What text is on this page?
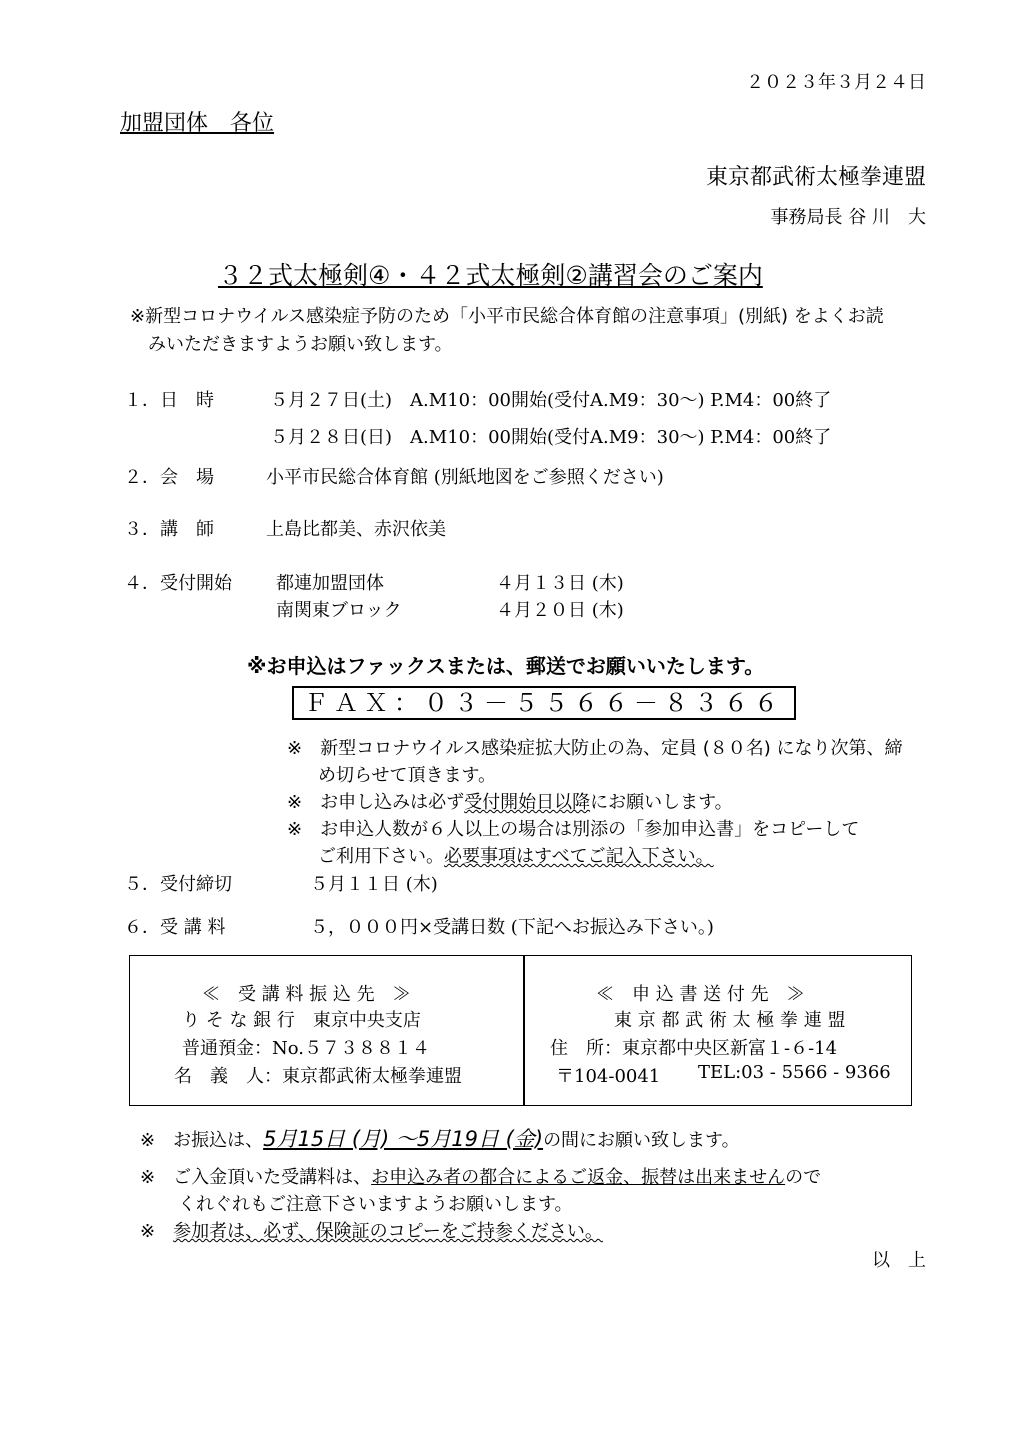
２０２３年３月２４日
加盟団体　各位
東京都武術太極拳連盟
事務局長 谷 川　大
３２式太極剣④・４２式太極剣②講習会のご案内
※新型コロナウイルス感染症予防のため「小平市民総合体育館の注意事項」(別紙) をよくお読
みいただきますようお願い致します。
１．日　時	５月２７日(土)　A.M10：00開始(受付A.M9：30～) P.M4：00終了
５月２８日(日)　A.M10：00開始(受付A.M9：30～) P.M4：00終了
２．会　場	小平市民総合体育館 (別紙地図をご参照ください)
３．講　師	上島比都美、赤沢依美
４．受付開始 都連加盟団体	４月１３日 (木)
南関東ブロック	４月２０日 (木)
※お申込はファックスまたは、郵送でお願いいたします。
ＦＡＸ：０３－５５６６－８３６６
※　新型コロナウイルス感染症拡大防止の為、定員 (８０名) になり次第、締
め切らせて頂きます。
※　お申し込みは必ず受付開始日以降にお願いします。
※　お申込人数が６人以上の場合は別添の「参加申込書」をコピーして
ご利用下さい。必要事項はすべてご記入下さい。
５．受付締切	５月１１日 (木)
６．受 講 料	５，０００円×受講日数 (下記へお振込み下さい。)
≪　受 講 料 振 込 先　≫
り そ な 銀 行　東京中央支店
普通預金：No.５７３８８１４
名　義　人：東京都武術太極拳連盟
≪　申 込 書 送 付 先　≫
東 京 都 武 術 太 極 拳 連 盟
住　所：東京都中央区新富１-６-14
〒104-0041 TEL:03 - 5566 - 9366
※　お振込は、5月15日 (月) ～5月19日 (金)の間にお願い致します。
※　ご入金頂いた受講料は、お申込み者の都合によるご返金、振替は出来ませんので
くれぐれもご注意下さいますようお願いします。
※　参加者は、必ず、保険証のコピーをご持参ください。
以　上
